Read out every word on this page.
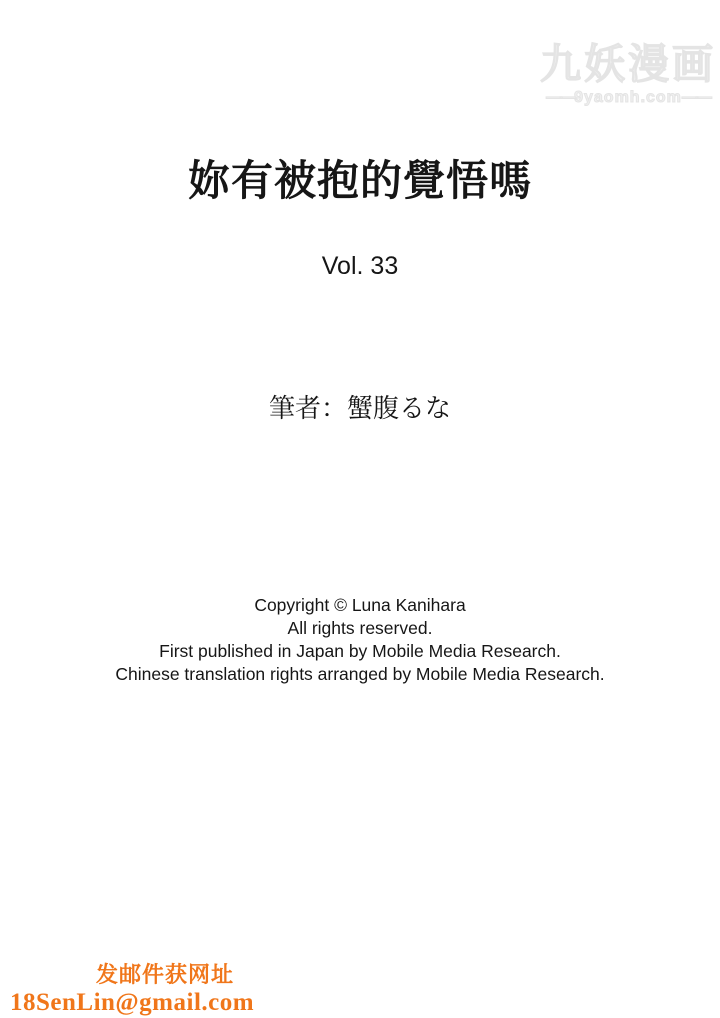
九妖漫画
——9yaomh.com——
妳有被抱的覺悟嗎
Vol. 33
筆者：蟹腹るな

Copyright © Luna Kanihara

All rights reserved.

First published in Japan by Mobile Media Research.

Chinese translation rights arranged by Mobile Media Research.

发邮件获网址
18SenLin@gmail.com
